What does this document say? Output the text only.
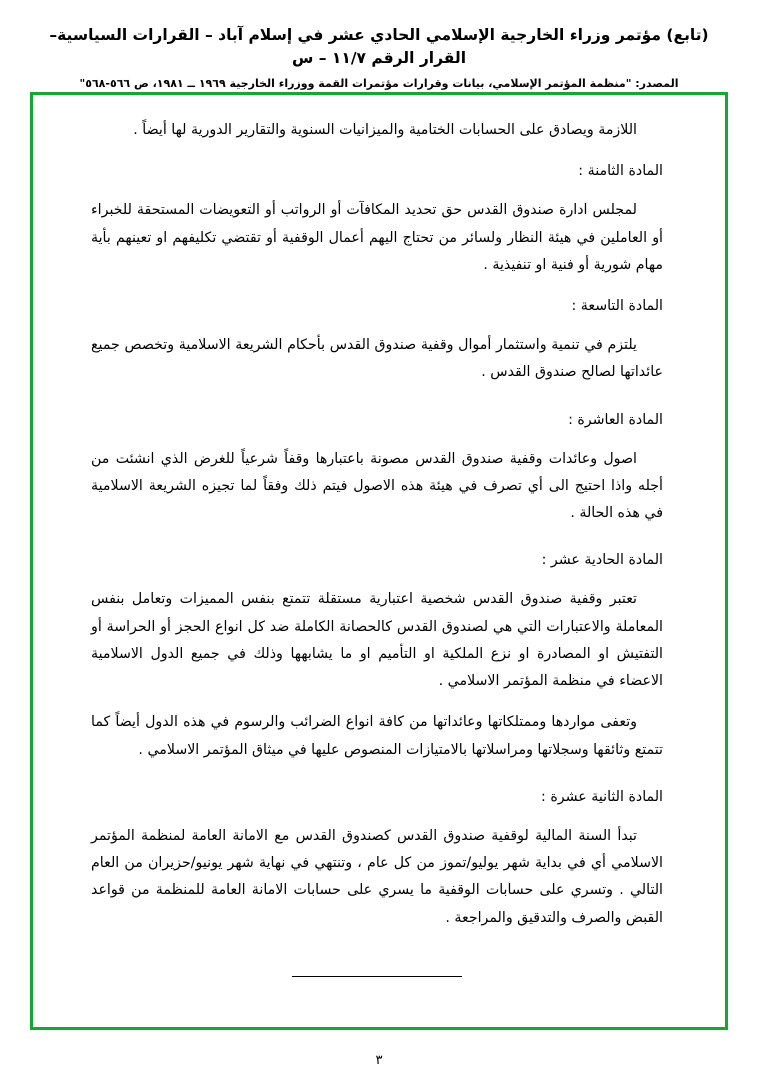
(تابع) مؤتمر وزراء الخارجية الإسلامي الحادي عشر في إسلام آباد – القرارات السياسية– القرار الرقم ١١/٧ – س
المصدر: "منظمة المؤتمر الإسلامي، بيانات وقرارات مؤتمرات القمة ووزراء الخارجية ١٩٦٩ ــ ١٩٨١، ص ٥٦٦-٥٦٨"

اللازمة ويصادق على الحسابات الختامية والميزانيات السنوية والتقارير الدورية لها أيضاً .

المادة الثامنة :

لمجلس ادارة صندوق القدس حق تحديد المكافآت أو الرواتب أو التعويضات المستحقة للخبراء أو العاملين في هيئة النظار ولسائر من تحتاج اليهم أعمال الوقفية أو تقتضي تكليفهم او تعينهم بأية مهام شورية أو فنية او تنفيذية .

المادة التاسعة :

يلتزم في تنمية واستثمار أموال وقفية صندوق القدس بأحكام الشريعة الاسلامية وتخصص جميع عائداتها لصالح صندوق القدس .

المادة العاشرة :

اصول وعائدات وقفية صندوق القدس مصونة باعتبارها وقفاً شرعياً للغرض الذي انشئت من أجله واذا احتيج الى أي تصرف في هيئة هذه الاصول فيتم ذلك وفقاً لما تجيزه الشريعة الاسلامية في هذه الحالة .

المادة الحادية عشر :

تعتبر وقفية صندوق القدس شخصية اعتبارية مستقلة تتمتع بنفس المميزات وتعامل بنفس المعاملة والاعتبارات التي هي لصندوق القدس كالحصانة الكاملة ضد كل انواع الحجز أو الحراسة أو التفتيش او المصادرة او نزع الملكية او التأميم او ما يشابهها وذلك في جميع الدول الاسلامية الاعضاء في منظمة المؤتمر الاسلامي .

وتعفى مواردها وممتلكاتها وعائداتها من كافة انواع الضرائب والرسوم في هذه الدول أيضاً كما تتمتع وثائقها وسجلاتها ومراسلاتها بالامتيازات المنصوص عليها في ميثاق المؤتمر الاسلامي .

المادة الثانية عشرة :

تبدأ السنة المالية لوقفية صندوق القدس كصندوق القدس مع الامانة العامة لمنظمة المؤتمر الاسلامي أي في بداية شهر يوليو/تموز من كل عام ، وتنتهي في نهاية شهر يونيو/حزيران من العام التالي . وتسري على حسابات الوقفية ما يسري على حسابات الامانة العامة للمنظمة من قواعد القبض والصرف والتدقيق والمراجعة .

٣
